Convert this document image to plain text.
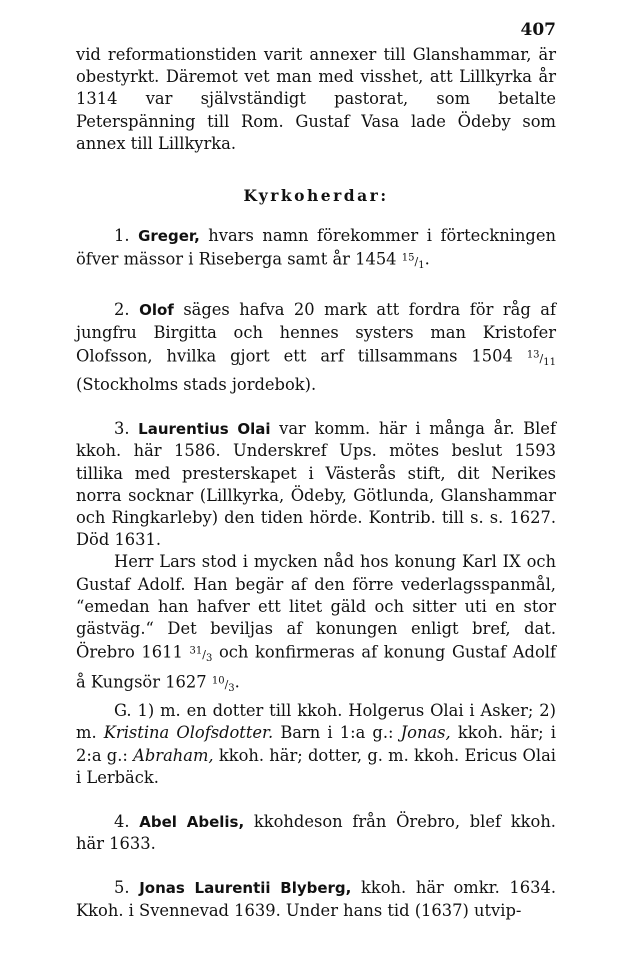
407

vid reformationstiden varit annexer till Glanshammar, är obestyrkt. Däremot vet man med visshet, att Lillkyrka år 1314 var självständigt pastorat, som betalte Peterspänning till Rom. Gustaf Vasa lade Ödeby som annex till Lillkyrka.

Kyrkoherdar:

1. Greger, hvars namn förekommer i förteckningen öfver mässor i Riseberga samt år 1454 $^{15}/_1$.

2. Olof säges hafva 20 mark att fordra för råg af jungfru Birgitta och hennes systers man Kristofer Olofsson, hvilka gjort ett arf tillsammans 1504 $^{13}/_{11}$ (Stockholms stads jordebok).

3. Laurentius Olai var komm. här i många år. Blef kkoh. här 1586. Underskref Ups. mötes beslut 1593 tillika med presterskapet i Västerås stift, dit Nerikes norra socknar (Lillkyrka, Ödeby, Götlunda, Glanshammar och Ringkarleby) den tiden hörde. Kontrib. till s. s. 1627. Död 1631.

Herr Lars stod i mycken nåd hos konung Karl IX och Gustaf Adolf. Han begär af den förre vederlagsspanmål, “emedan han hafver ett litet gäld och sitter uti en stor gästväg.“ Det beviljas af konungen enligt bref, dat. Örebro 1611 $^{31}/_3$ och konfirmeras af konung Gustaf Adolf å Kungsör 1627 $^{10}/_3$.

G. 1) m. en dotter till kkoh. Holgerus Olai i Asker; 2) m. Kristina Olofsdotter. Barn i 1:a g.: Jonas, kkoh. här; i 2:a g.: Abraham, kkoh. här; dotter, g. m. kkoh. Ericus Olai i Lerbäck.

4. Abel Abelis, kkohdeson från Örebro, blef kkoh. här 1633.

5. Jonas Laurentii Blyberg, kkoh. här omkr. 1634. Kkoh. i Svennevad 1639. Under hans tid (1637) utvip-
